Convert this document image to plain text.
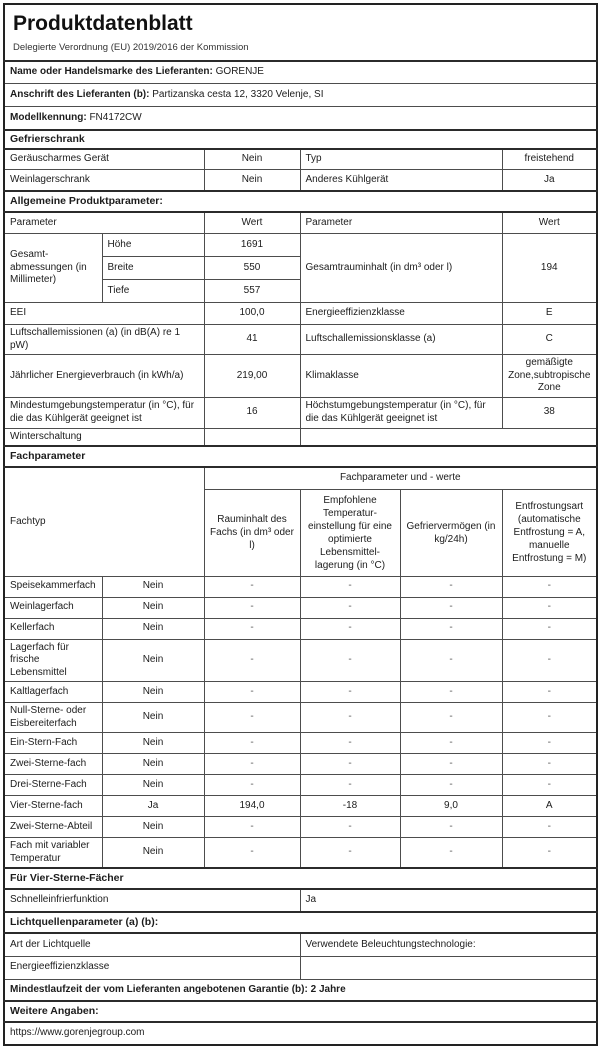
Produktdatenblatt
Delegierte Verordnung (EU) 2019/2016 der Kommission					

Name oder Handelsmarke des Lieferanten: GORENJE					
Anschrift des Lieferanten (b): Partizanska cesta 12, 3320 Velenje, SI					
Modellkennung: FN4172CW					
Gefrierschrank					
Geräuscharmes Gerät		Nein	Typ		freistehend
Weinlagerschrank		Nein	Anderes Kühlgerät		Ja
Allgemeine Produktparameter:					
Parameter		Wert	Parameter		Wert
Gesamt-abmessungen (in Millimeter)	Höhe	1691	Gesamtrauminhalt (in dm³ oder l)		194
	Breite	550			
	Tiefe	557			
EEI		100,0	Energieeffizienzklasse		E
Luftschallemissionen (a) (in dB(A) re 1 pW)		41	Luftschallemissionsklasse (a)		C
Jährlicher Energieverbrauch (in kWh/a)		219,00	Klimaklasse		gemäßigte Zone,subtropische Zone
Mindestumgebungstemperatur (in °C), für die das Kühlgerät geeignet ist		16	Höchstumgebungstemperatur (in °C), für die das Kühlgerät geeignet ist		38
Winterschaltung					
Fachparameter					
Fachtyp		Fachparameter und - werte			
		Rauminhalt des Fachs (in dm³ oder l)	Empfohlene Temperatur-einstellung für eine optimierte Lebensmittel-lagerung (in °C)	Gefriervermögen (in kg/24h)	Entfrostungsart (automatische Entfrostung = A, manuelle Entfrostung = M)
Speisekammerfach	Nein	-	-	-	-
Weinlagerfach	Nein	-	-	-	-
Kellerfach	Nein	-	-	-	-
Lagerfach für frische Lebensmittel	Nein	-	-	-	-
Kaltlagerfach	Nein	-	-	-	-
Null-Sterne- oder Eisbereiterfach	Nein	-	-	-	-
Ein-Stern-Fach	Nein	-	-	-	-
Zwei-Sterne-fach	Nein	-	-	-	-
Drei-Sterne-Fach	Nein	-	-	-	-
Vier-Sterne-fach	Ja	194,0	-18	9,0	A
Zwei-Sterne-Abteil	Nein	-	-	-	-
Fach mit variabler Temperatur	Nein	-	-	-	-
Für Vier-Sterne-Fächer					
Schnelleinfrierfunktion			Ja		
Lichtquellenparameter (a) (b):					
Art der Lichtquelle			Verwendete Beleuchtungstechnologie:		
Energieeffizienzklasse					
Mindestlaufzeit der vom Lieferanten angebotenen Garantie (b): 2 Jahre					
Weitere Angaben:					
https://www.gorenjegroup.com					
